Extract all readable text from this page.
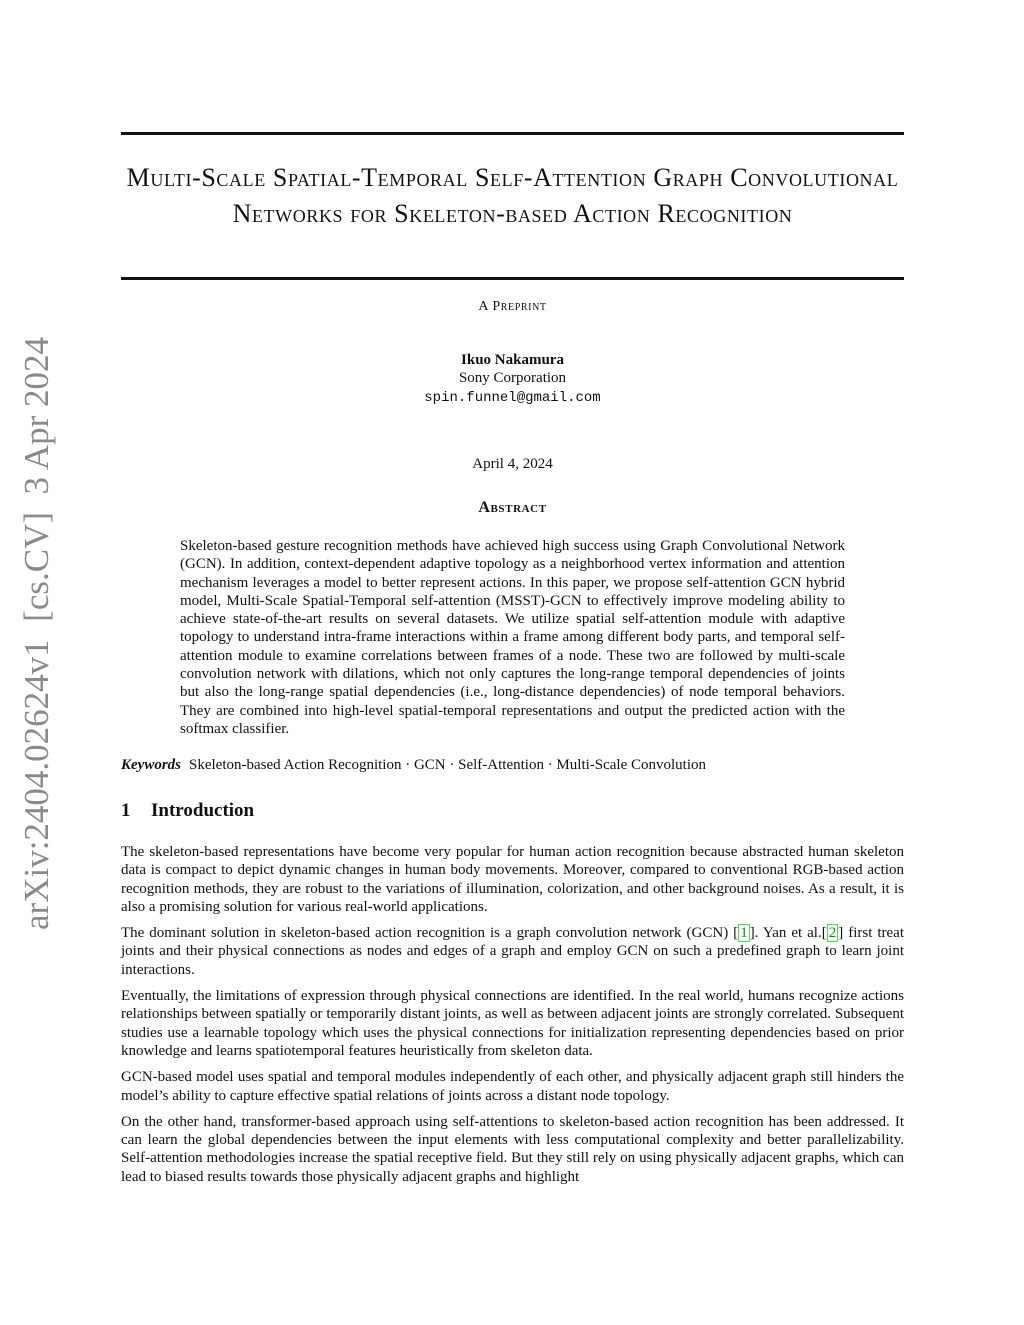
arXiv:2404.02624v1  [cs.CV]  3 Apr 2024
Multi-Scale Spatial-Temporal Self-Attention Graph Convolutional Networks for Skeleton-based Action Recognition
A Preprint
Ikuo Nakamura
Sony Corporation
spin.funnel@gmail.com
April 4, 2024
Abstract

Skeleton-based gesture recognition methods have achieved high success using Graph Convolutional Network (GCN). In addition, context-dependent adaptive topology as a neighborhood vertex information and attention mechanism leverages a model to better represent actions. In this paper, we propose self-attention GCN hybrid model, Multi-Scale Spatial-Temporal self-attention (MSST)-GCN to effectively improve modeling ability to achieve state-of-the-art results on several datasets. We utilize spatial self-attention module with adaptive topology to understand intra-frame interactions within a frame among different body parts, and temporal self-attention module to examine correlations between frames of a node. These two are followed by multi-scale convolution network with dilations, which not only captures the long-range temporal dependencies of joints but also the long-range spatial dependencies (i.e., long-distance dependencies) of node temporal behaviors. They are combined into high-level spatial-temporal representations and output the predicted action with the softmax classifier.

Keywords Skeleton-based Action Recognition · GCN · Self-Attention · Multi-Scale Convolution

1 Introduction

The skeleton-based representations have become very popular for human action recognition because abstracted human skeleton data is compact to depict dynamic changes in human body movements. Moreover, compared to conventional RGB-based action recognition methods, they are robust to the variations of illumination, colorization, and other background noises. As a result, it is also a promising solution for various real-world applications.

The dominant solution in skeleton-based action recognition is a graph convolution network (GCN) [ 1 ]. Yan et al.[ 2 ] first treat joints and their physical connections as nodes and edges of a graph and employ GCN on such a predefined graph to learn joint interactions.

Eventually, the limitations of expression through physical connections are identified. In the real world, humans recognize actions relationships between spatially or temporarily distant joints, as well as between adjacent joints are strongly correlated. Subsequent studies use a learnable topology which uses the physical connections for initialization representing dependencies based on prior knowledge and learns spatiotemporal features heuristically from skeleton data.

GCN-based model uses spatial and temporal modules independently of each other, and physically adjacent graph still hinders the model’s ability to capture effective spatial relations of joints across a distant node topology.

On the other hand, transformer-based approach using self-attentions to skeleton-based action recognition has been addressed. It can learn the global dependencies between the input elements with less computational complexity and better parallelizability. Self-attention methodologies increase the spatial receptive field. But they still rely on using physically adjacent graphs, which can lead to biased results towards those physically adjacent graphs and highlight
